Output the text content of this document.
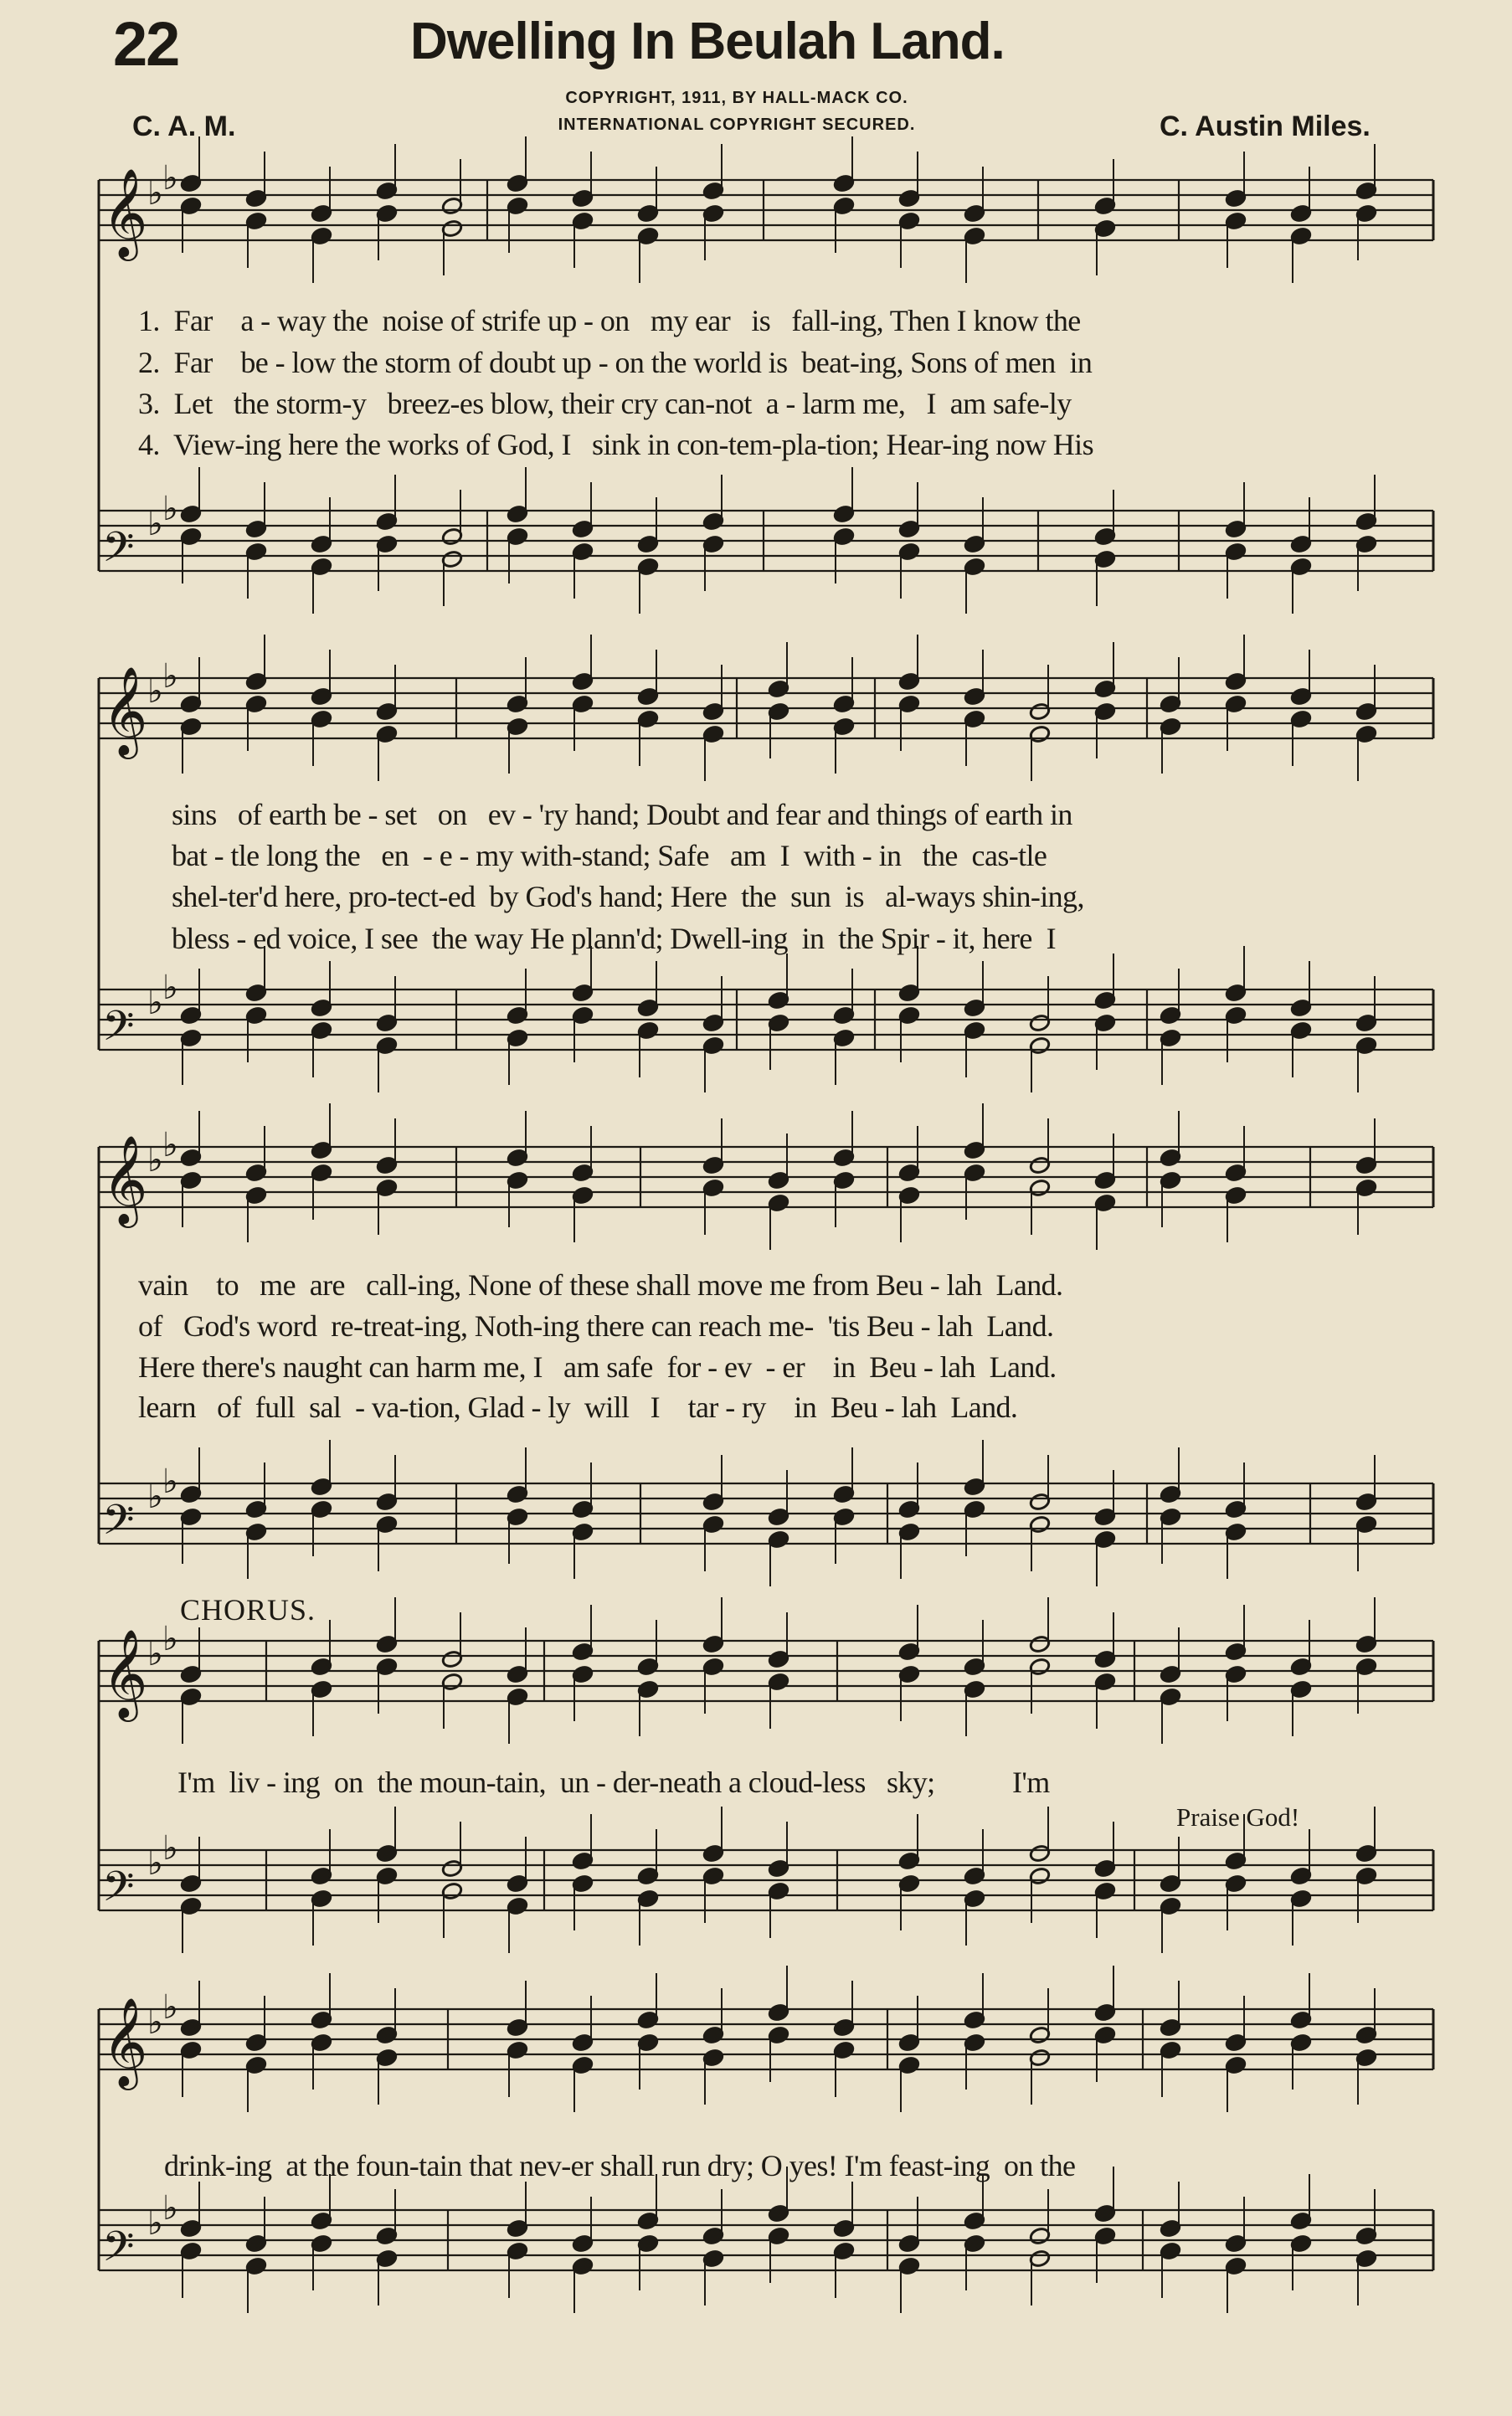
22	Dwelling In Beulah Land.
COPYRIGHT, 1911, BY HALL-MACK CO.
INTERNATIONAL COPYRIGHT SECURED.
C. A. M.	C. Austin Miles.
𝄞 ♭ ♭
𝄢 ♭ ♭
1.  Far    a - way the  noise of strife up - on   my ear   is   fall-ing, Then I know the
2.  Far    be - low the storm of doubt up - on the world is  beat-ing, Sons of men  in
3.  Let   the storm-y   breez-es blow, their cry can-not  a - larm me,   I  am safe-ly
4.  View-ing here the works of God, I   sink in con-tem-pla-tion; Hear-ing now His
𝄞 ♭ ♭
𝄢 ♭ ♭
sins   of earth be - set   on   ev - 'ry hand; Doubt and fear and things of earth in
bat - tle long the   en  - e - my with-stand; Safe   am  I  with - in   the  cas-tle
shel-ter'd here, pro-tect-ed  by God's hand; Here  the  sun  is   al-ways shin-ing,
bless - ed voice, I see  the way He plann'd; Dwell-ing  in  the Spir - it, here  I
𝄞 ♭ ♭
𝄢 ♭ ♭
vain    to   me  are   call-ing, None of these shall move me from Beu - lah  Land.
of   God's word  re-treat-ing, Noth-ing there can reach me-  'tis Beu - lah  Land.
Here there's naught can harm me, I   am safe  for - ev  - er    in  Beu - lah  Land.
learn   of  full  sal  - va-tion, Glad - ly  will   I    tar - ry    in  Beu - lah  Land.
CHORUS.
𝄞 ♭ ♭
𝄢 ♭ ♭
I'm  liv - ing  on  the moun-tain,  un - der-neath a cloud-less   sky;           I'm
Praise God!
𝄞 ♭ ♭
𝄢 ♭ ♭
drink-ing  at the foun-tain that nev-er shall run dry; O yes! I'm feast-ing  on the
